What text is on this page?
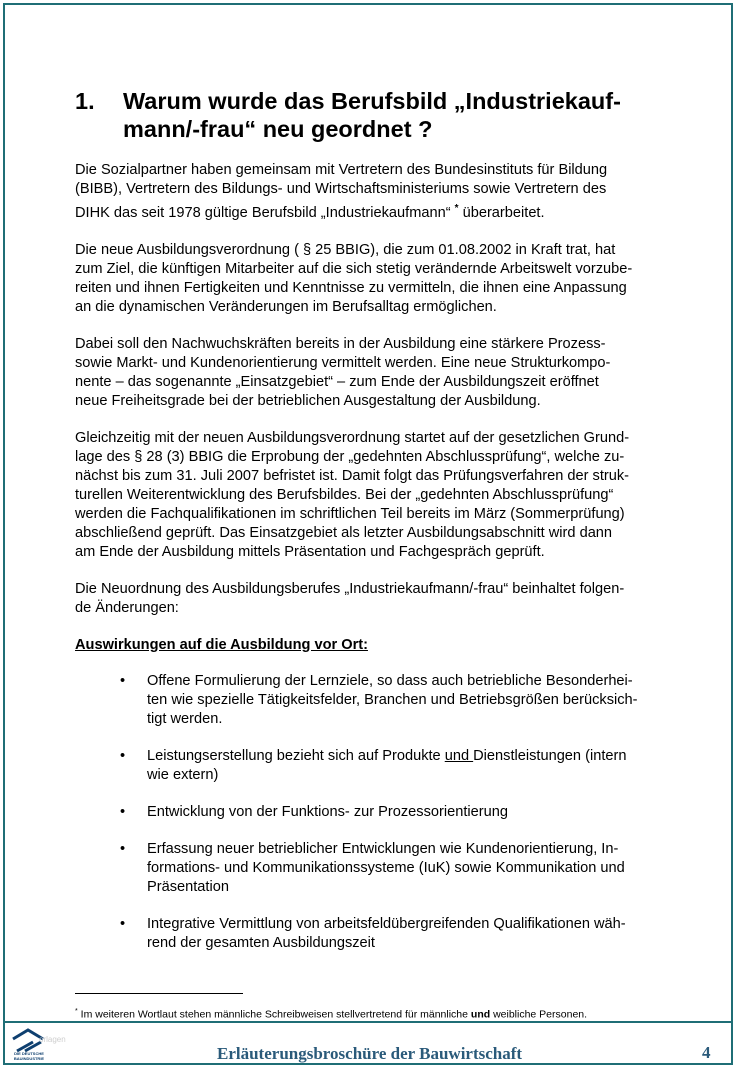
1.	Warum wurde das Berufsbild „Industriekauf-
mann/-frau“ neu geordnet ?
Die Sozialpartner haben gemeinsam mit Vertretern des Bundesinstituts für Bildung
(BIBB), Vertretern des Bildungs- und Wirtschaftsministeriums sowie Vertretern des
DIHK das seit 1978 gültige Berufsbild „Industriekaufmann“ * überarbeitet.
Die neue Ausbildungsverordnung ( § 25 BBIG), die zum 01.08.2002 in Kraft trat, hat
zum Ziel, die künftigen Mitarbeiter auf die sich stetig verändernde Arbeitswelt vorzube-
reiten und ihnen Fertigkeiten und Kenntnisse zu vermitteln, die ihnen eine Anpassung
an die dynamischen Veränderungen im Berufsalltag ermöglichen.
Dabei soll den Nachwuchskräften bereits in der Ausbildung eine stärkere Prozess-
sowie Markt- und Kundenorientierung vermittelt werden. Eine neue Strukturkompo-
nente – das sogenannte „Einsatzgebiet“ – zum Ende der Ausbildungszeit eröffnet
neue Freiheitsgrade bei der betrieblichen Ausgestaltung der Ausbildung.
Gleichzeitig mit der neuen Ausbildungsverordnung startet auf der gesetzlichen Grund-
lage des § 28 (3) BBIG die Erprobung der „gedehnten Abschlussprüfung“, welche zu-
nächst bis zum 31. Juli 2007 befristet ist. Damit folgt das Prüfungsverfahren der struk-
turellen Weiterentwicklung des Berufsbildes. Bei der „gedehnten Abschlussprüfung“
werden die Fachqualifikationen im schriftlichen Teil bereits im März (Sommerprüfung)
abschließend geprüft. Das Einsatzgebiet als letzter Ausbildungsabschnitt wird dann
am Ende der Ausbildung mittels Präsentation und Fachgespräch geprüft.
Die Neuordnung des Ausbildungsberufes „Industriekaufmann/-frau“ beinhaltet folgen-
de Änderungen:
Auswirkungen auf die Ausbildung vor Ort:
• Offene Formulierung der Lernziele, so dass auch betriebliche Besonderhei-
ten wie spezielle Tätigkeitsfelder, Branchen und Betriebsgrößen berücksich-
tigt werden.
• Leistungserstellung bezieht sich auf Produkte und Dienstleistungen (intern
wie extern)
• Entwicklung von der Funktions- zur Prozessorientierung
• Erfassung neuer betrieblicher Entwicklungen wie Kundenorientierung, In-
formations- und Kommunikationssysteme (IuK) sowie Kommunikation und
Präsentation
• Integrative Vermittlung von arbeitsfeldübergreifenden Qualifikationen wäh-
rend der gesamten Ausbildungszeit
* Im weiteren Wortlaut stehen männliche Schreibweisen stellvertretend für männliche und weibliche Personen.
DIE DEUTSCHE
BAUINDUSTRIE
orlagen
Erläuterungsbroschüre der Bauwirtschaft	4
